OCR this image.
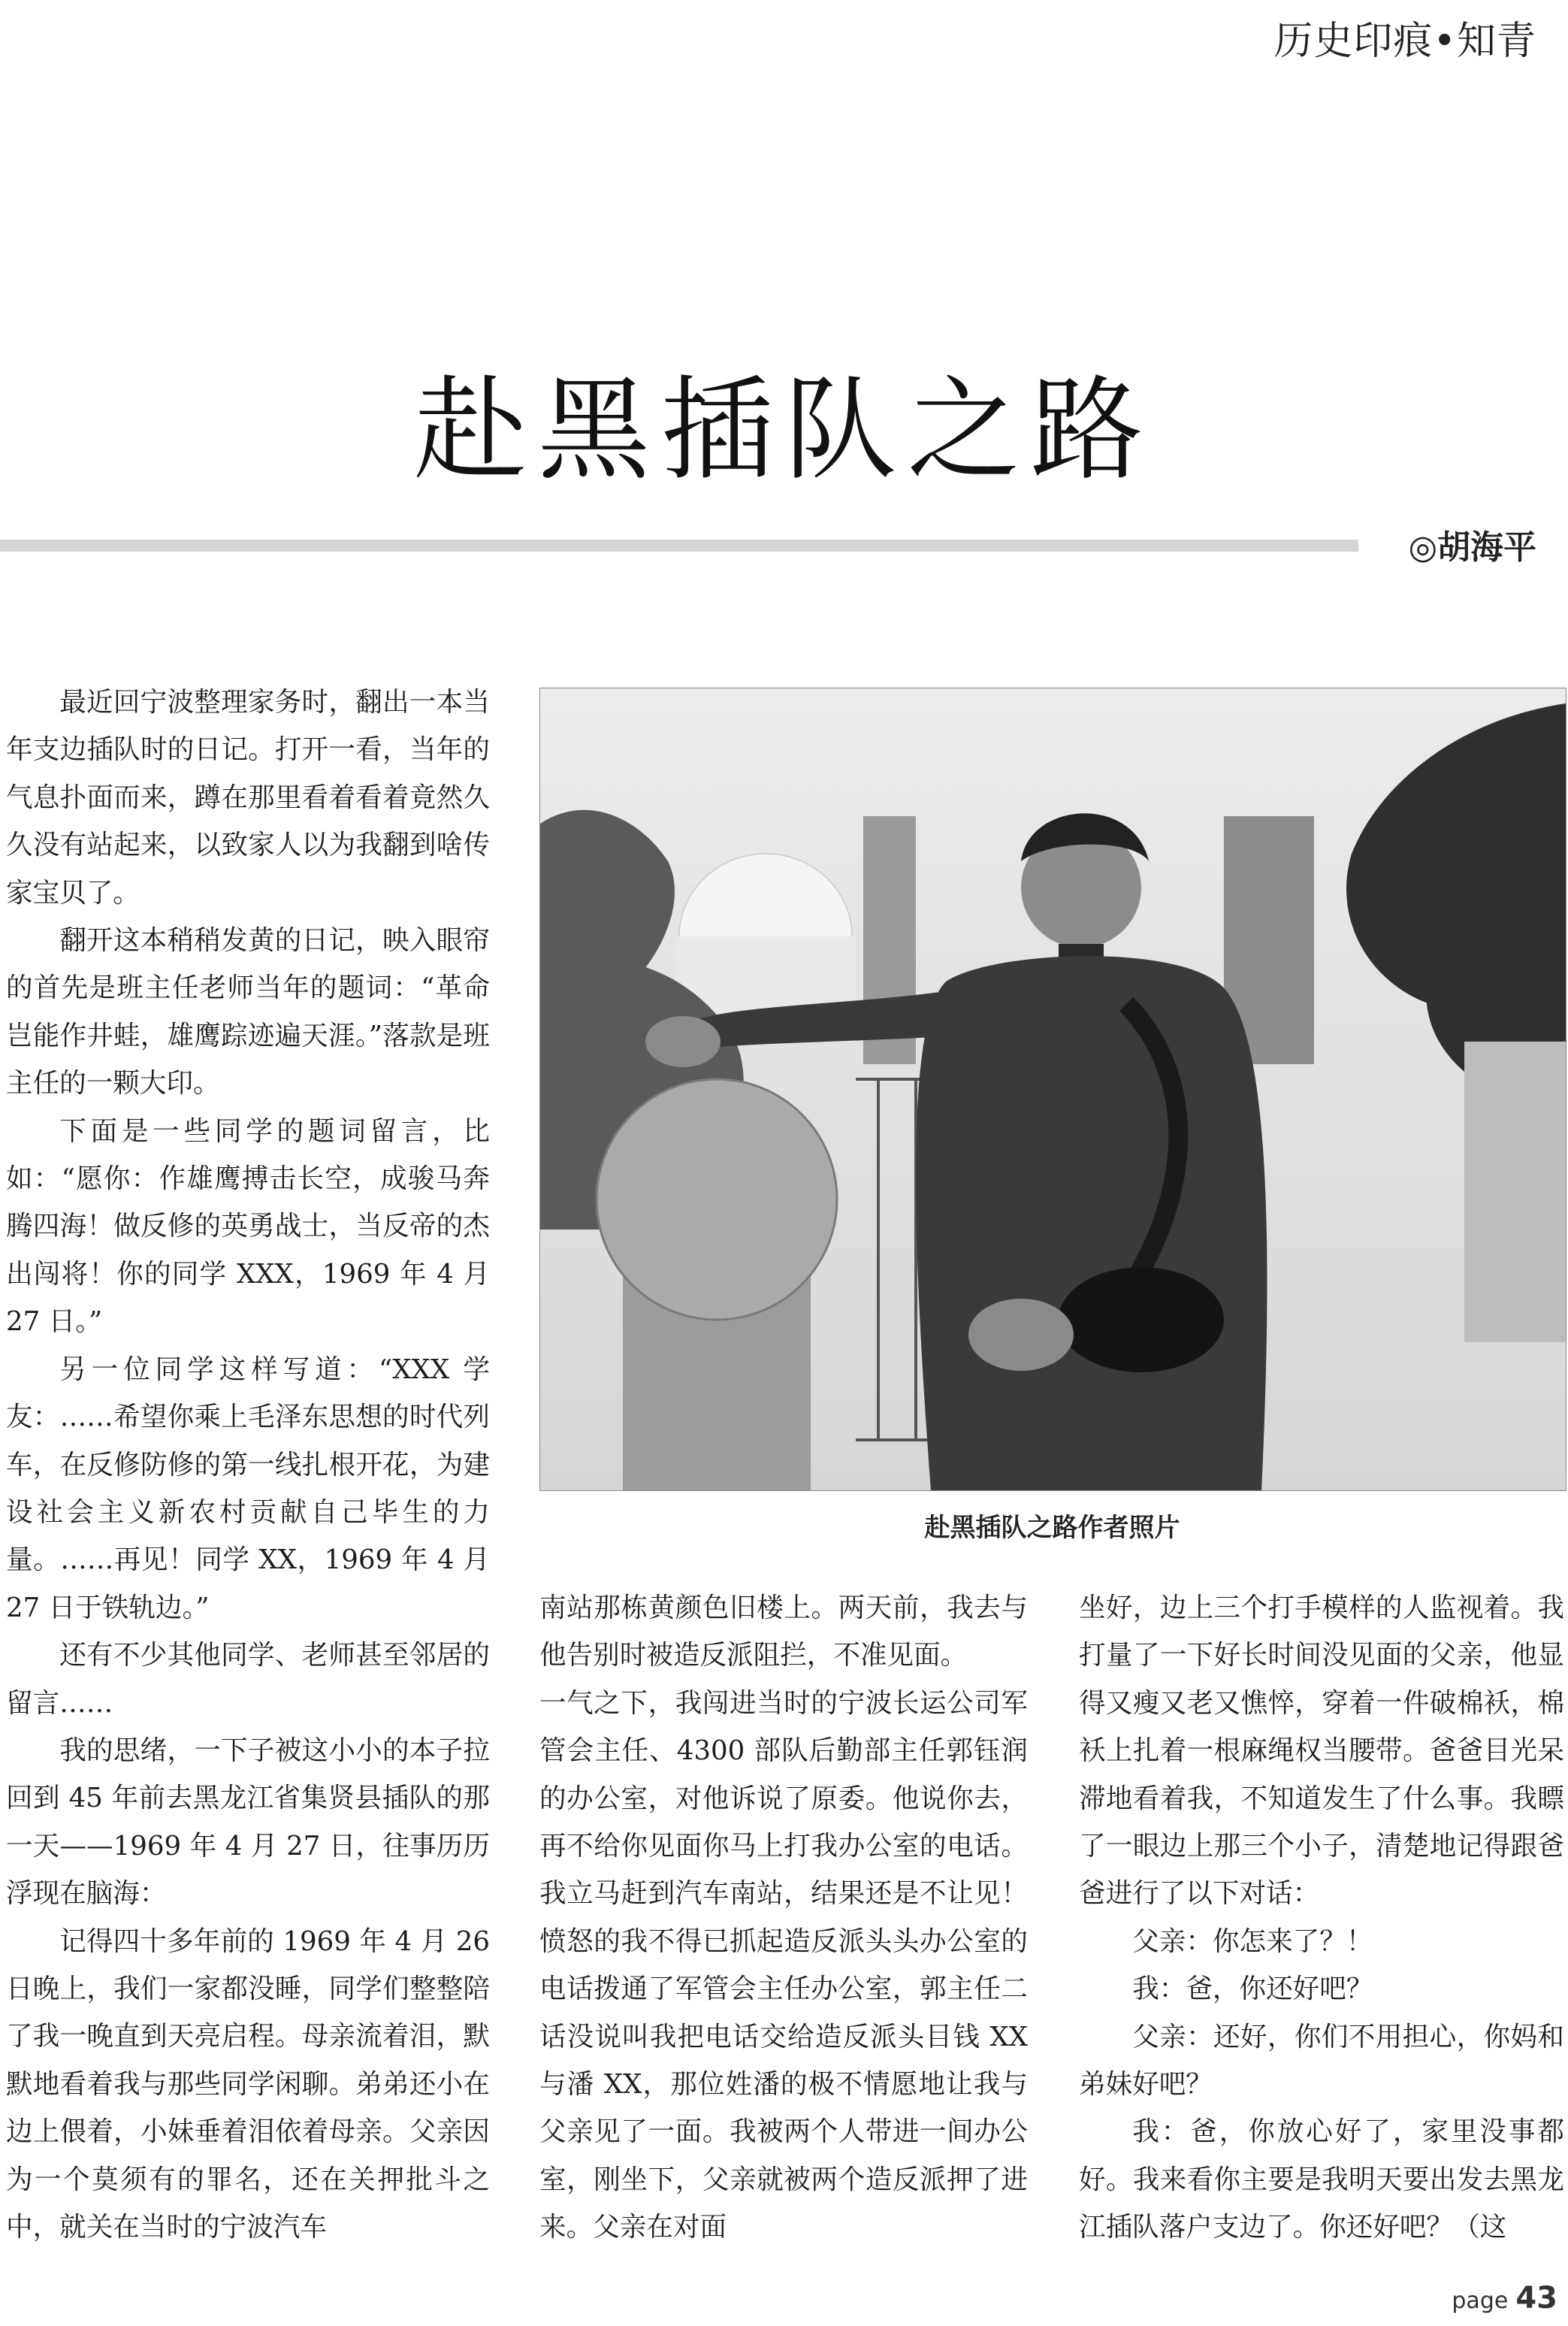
历史印痕•知青
赴黑插队之路
◎胡海平

最近回宁波整理家务时，翻出一本当年支边插队时的日记。打开一看，当年的气息扑面而来，蹲在那里看着看着竟然久久没有站起来，以致家人以为我翻到啥传家宝贝了。

翻开这本稍稍发黄的日记，映入眼帘的首先是班主任老师当年的题词：“革命岂能作井蛙，雄鹰踪迹遍天涯。”落款是班主任的一颗大印。

下面是一些同学的题词留言，比如：“愿你：作雄鹰搏击长空，成骏马奔腾四海！做反修的英勇战士，当反帝的杰出闯将！你的同学 XXX，1969 年 4 月 27 日。”

另一位同学这样写道：“XXX 学友：……希望你乘上毛泽东思想的时代列车，在反修防修的第一线扎根开花，为建设社会主义新农村贡献自己毕生的力量。……再见！同学 XX，1969 年 4 月 27 日于铁轨边。”

还有不少其他同学、老师甚至邻居的留言……

我的思绪，一下子被这小小的本子拉回到 45 年前去黑龙江省集贤县插队的那一天——1969 年 4 月 27 日，往事历历浮现在脑海：

记得四十多年前的 1969 年 4 月 26 日晚上，我们一家都没睡，同学们整整陪了我一晚直到天亮启程。母亲流着泪，默默地看着我与那些同学闲聊。弟弟还小在边上偎着，小妹垂着泪依着母亲。父亲因为一个莫须有的罪名，还在关押批斗之中，就关在当时的宁波汽车

赴黑插队之路作者照片

南站那栋黄颜色旧楼上。两天前，我去与他告别时被造反派阻拦，不准见面。

一气之下，我闯进当时的宁波长运公司军管会主任、4300 部队后勤部主任郭钰润的办公室，对他诉说了原委。他说你去，再不给你见面你马上打我办公室的电话。我立马赶到汽车南站，结果还是不让见！愤怒的我不得已抓起造反派头头办公室的电话拨通了军管会主任办公室，郭主任二话没说叫我把电话交给造反派头目钱 XX 与潘 XX，那位姓潘的极不情愿地让我与父亲见了一面。我被两个人带进一间办公室，刚坐下，父亲就被两个造反派押了进来。父亲在对面

坐好，边上三个打手模样的人监视着。我打量了一下好长时间没见面的父亲，他显得又瘦又老又憔悴，穿着一件破棉袄，棉袄上扎着一根麻绳权当腰带。爸爸目光呆滞地看着我，不知道发生了什么事。我瞟了一眼边上那三个小子，清楚地记得跟爸爸进行了以下对话：

父亲：你怎来了？！

我：爸，你还好吧？

父亲：还好，你们不用担心，你妈和弟妹好吧？

我：爸，你放心好了，家里没事都好。我来看你主要是我明天要出发去黑龙江插队落户支边了。你还好吧？（这

page 43
